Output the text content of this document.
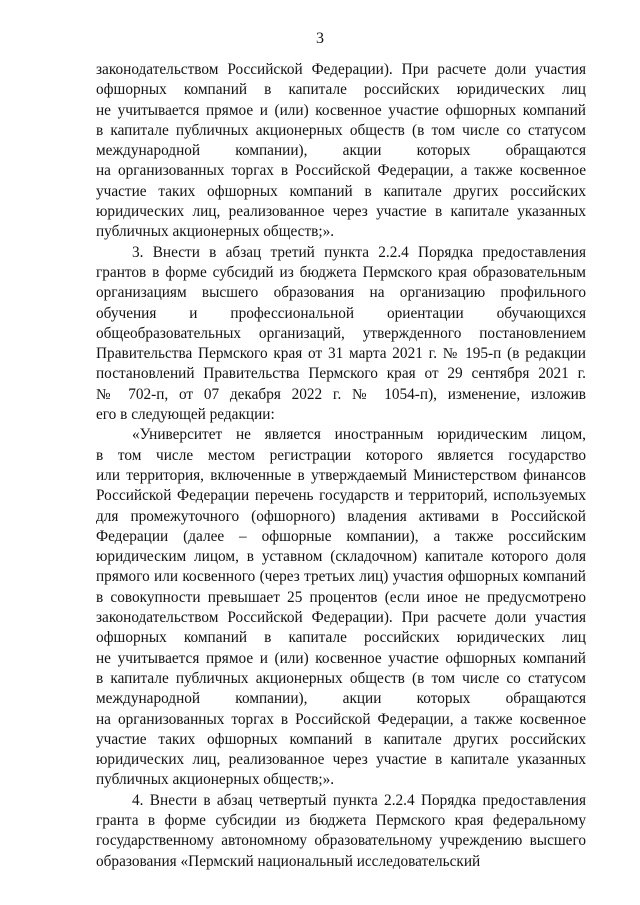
3
законодательством Российской Федерации). При расчете доли участия
офшорных компаний в капитале российских юридических лиц
не учитывается прямое и (или) косвенное участие офшорных компаний
в капитале публичных акционерных обществ (в том числе со статусом
международной компании), акции которых обращаются
на организованных торгах в Российской Федерации, а также косвенное
участие таких офшорных компаний в капитале других российских
юридических лиц, реализованное через участие в капитале указанных
публичных акционерных обществ;».
3. Внести в абзац третий пункта 2.2.4 Порядка предоставления
грантов в форме субсидий из бюджета Пермского края образовательным
организациям высшего образования на организацию профильного
обучения и профессиональной ориентации обучающихся
общеобразовательных организаций, утвержденного постановлением
Правительства Пермского края от 31 марта 2021 г. № 195-п (в редакции
постановлений Правительства Пермского края от 29 сентября 2021 г.
№ 702-п, от 07 декабря 2022 г. № 1054-п), изменение, изложив
его в следующей редакции:
«Университет не является иностранным юридическим лицом,
в том числе местом регистрации которого является государство
или территория, включенные в утверждаемый Министерством финансов
Российской Федерации перечень государств и территорий, используемых
для промежуточного (офшорного) владения активами в Российской
Федерации (далее – офшорные компании), а также российским
юридическим лицом, в уставном (складочном) капитале которого доля
прямого или косвенного (через третьих лиц) участия офшорных компаний
в совокупности превышает 25 процентов (если иное не предусмотрено
законодательством Российской Федерации). При расчете доли участия
офшорных компаний в капитале российских юридических лиц
не учитывается прямое и (или) косвенное участие офшорных компаний
в капитале публичных акционерных обществ (в том числе со статусом
международной компании), акции которых обращаются
на организованных торгах в Российской Федерации, а также косвенное
участие таких офшорных компаний в капитале других российских
юридических лиц, реализованное через участие в капитале указанных
публичных акционерных обществ;».
4. Внести в абзац четвертый пункта 2.2.4 Порядка предоставления
гранта в форме субсидии из бюджета Пермского края федеральному
государственному автономному образовательному учреждению высшего
образования «Пермский национальный исследовательский
